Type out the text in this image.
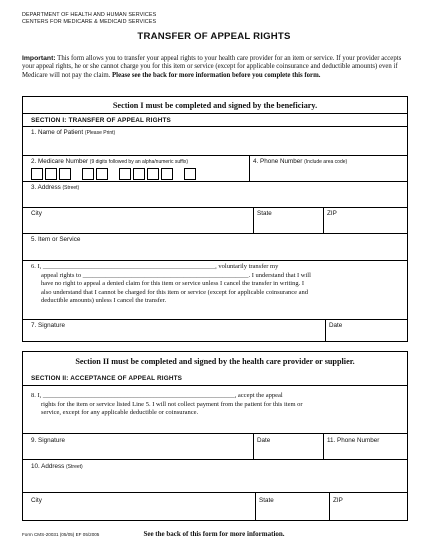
DEPARTMENT OF HEALTH AND HUMAN SERVICES
CENTERS FOR MEDICARE & MEDICAID SERVICES
TRANSFER OF APPEAL RIGHTS
Important: This form allows you to transfer your appeal rights to your health care provider for an item or service. If your provider accepts your appeal rights, he or she cannot charge you for this item or service (except for applicable coinsurance and deductible amounts) even if Medicare will not pay the claim. Please see the back for more information before you complete this form.
Section I must be completed and signed by the beneficiary.
SECTION I: TRANSFER OF APPEAL RIGHTS
1. Name of Patient (Please Print)
2. Medicare Number (9 digits followed by an alpha/numeric suffix)	4. Phone Number (Include area code)
3. Address (Street)
City	State	ZIP
5. Item or Service
6. I, _____________________________________________________, voluntarily transfer my
appeal rights to ___________________________________________________. I understand that I will
have no right to appeal a denied claim for this item or service unless I cancel the transfer in writing. I
also understand that I cannot be charged for this item or service (except for applicable coinsurance and
deductible amounts) unless I cancel the transfer.
7. Signature	Date
Section II must be completed and signed by the health care provider or supplier.
SECTION II: ACCEPTANCE OF APPEAL RIGHTS
8. I, ___________________________________________________________, accept the appeal
rights for the item or service listed Line 5. I will not collect payment from the patient for this item or
service, except for any applicable deductible or coinsurance.
9. Signature	Date	11. Phone Number
10. Address (Street)
City	State	ZIP
Form CMS-20031 (05/05) EF 05/2005	See the back of this form for more information.
